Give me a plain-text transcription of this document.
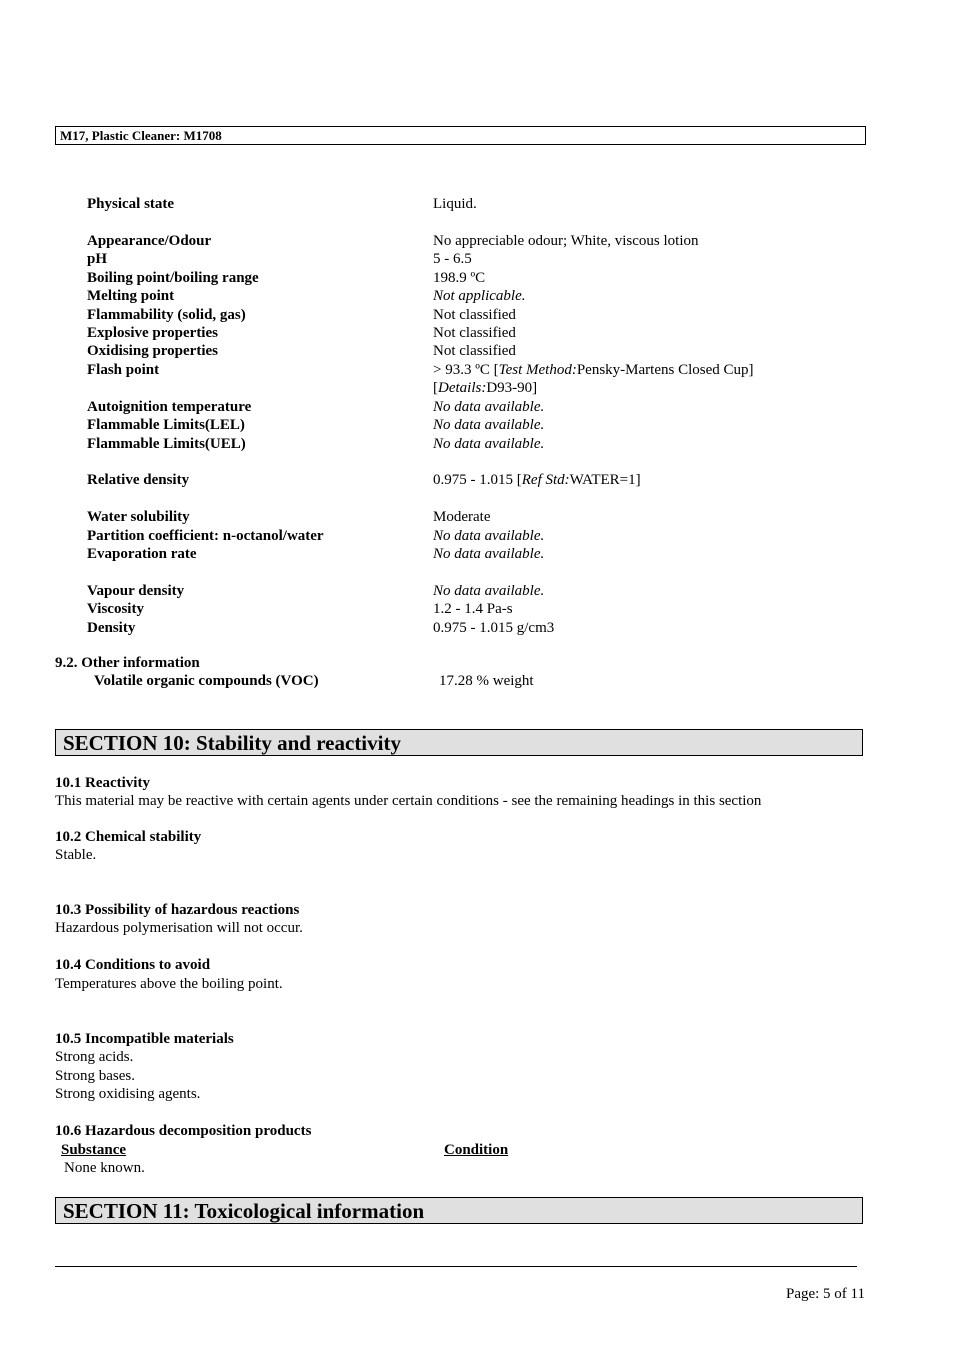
M17, Plastic Cleaner: M1708
Physical state	Liquid.
Appearance/Odour	No appreciable odour; White, viscous lotion
pH	5 - 6.5
Boiling point/boiling range	198.9 ºC
Melting point	Not applicable.
Flammability (solid, gas)	Not classified
Explosive properties	Not classified
Oxidising properties	Not classified
Flash point	> 93.3 ºC [Test Method:Pensky-Martens Closed Cup]
[Details:D93-90]
Autoignition temperature	No data available.
Flammable Limits(LEL)	No data available.
Flammable Limits(UEL)	No data available.
Relative density	0.975 - 1.015 [Ref Std:WATER=1]
Water solubility	Moderate
Partition coefficient: n-octanol/water	No data available.
Evaporation rate	No data available.
Vapour density	No data available.
Viscosity	1.2 - 1.4 Pa-s
Density	0.975 - 1.015 g/cm3
9.2. Other information
Volatile organic compounds (VOC)	17.28 % weight
SECTION 10: Stability and reactivity
10.1 Reactivity
This material may be reactive with certain agents under certain conditions - see the remaining headings in this section
10.2 Chemical stability
Stable.
10.3 Possibility of hazardous reactions
Hazardous polymerisation will not occur.
10.4 Conditions to avoid
Temperatures above the boiling point.
10.5 Incompatible materials
Strong acids.
Strong bases.
Strong oxidising agents.
10.6 Hazardous decomposition products
Substance	Condition
None known.
SECTION 11: Toxicological information
Page: 5 of 11
